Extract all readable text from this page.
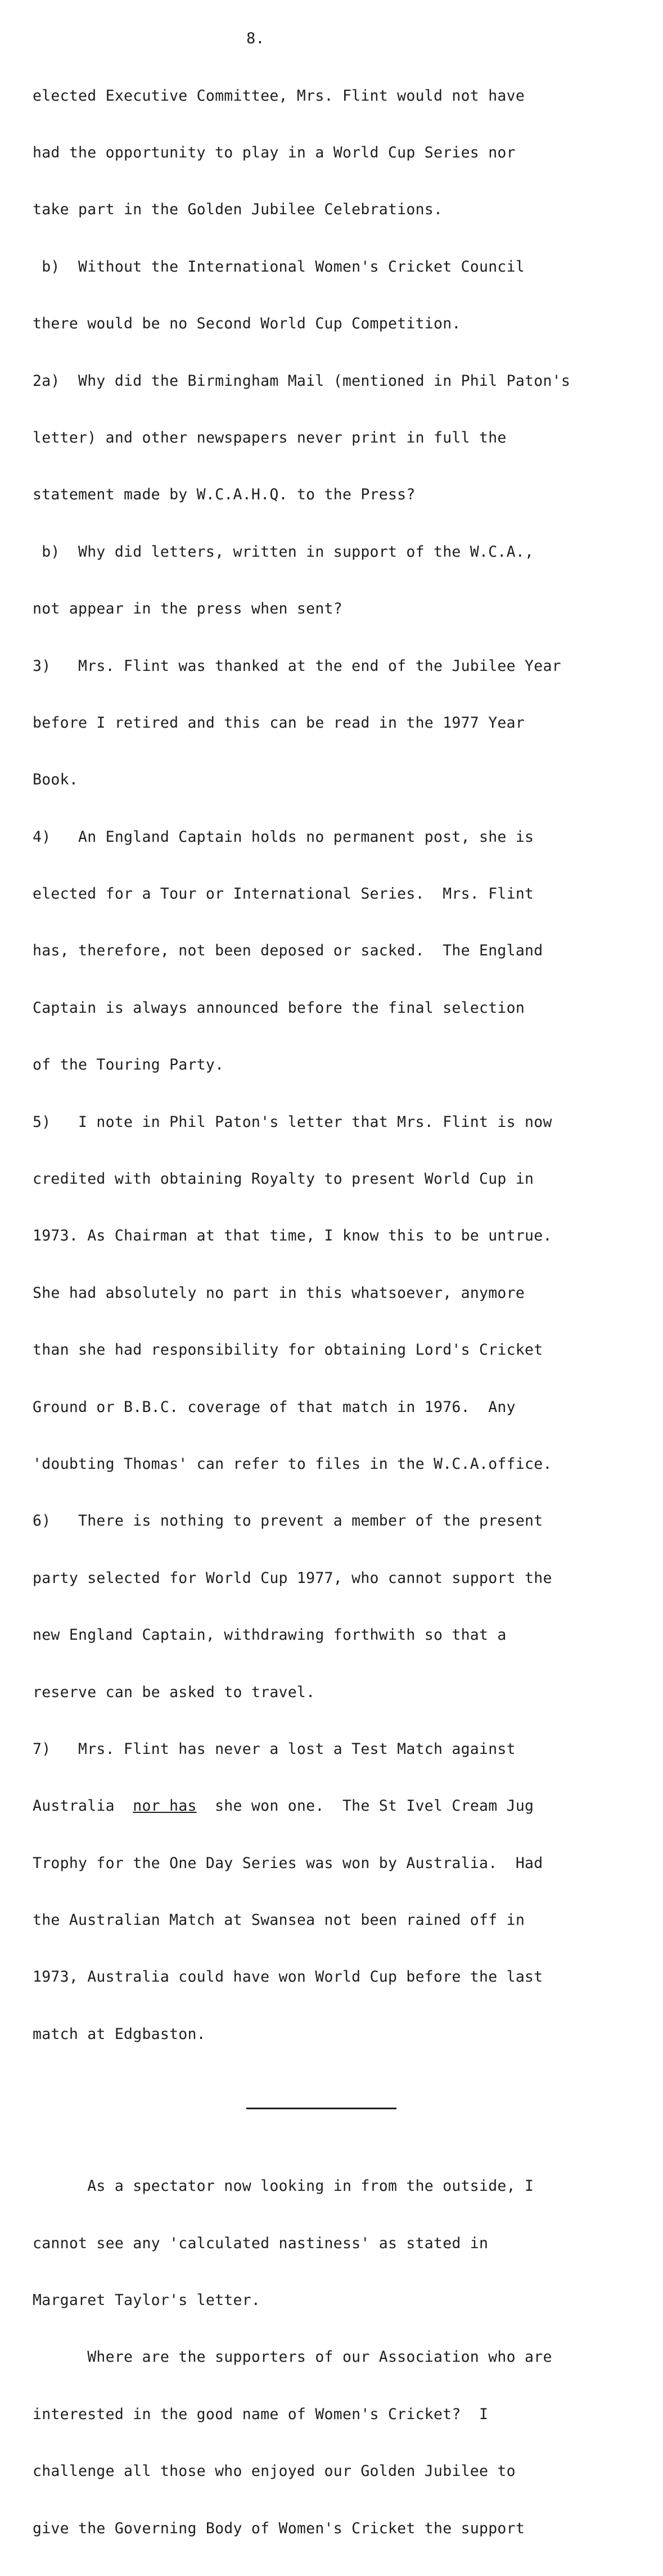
8.

elected Executive Committee, Mrs. Flint would not have

had the opportunity to play in a World Cup Series nor

take part in the Golden Jubilee Celebrations.

b)  Without the International Women's Cricket Council

there would be no Second World Cup Competition.

2a)  Why did the Birmingham Mail (mentioned in Phil Paton's

letter) and other newspapers never print in full the

statement made by W.C.A.H.Q. to the Press?

b)  Why did letters, written in support of the W.C.A.,

not appear in the press when sent?

3)   Mrs. Flint was thanked at the end of the Jubilee Year

before I retired and this can be read in the 1977 Year

Book.

4)   An England Captain holds no permanent post, she is

elected for a Tour or International Series.  Mrs. Flint

has, therefore, not been deposed or sacked.  The England

Captain is always announced before the final selection

of the Touring Party.

5)   I note in Phil Paton's letter that Mrs. Flint is now

credited with obtaining Royalty to present World Cup in

1973. As Chairman at that time, I know this to be untrue.

She had absolutely no part in this whatsoever, anymore

than she had responsibility for obtaining Lord's Cricket

Ground or B.B.C. coverage of that match in 1976.  Any

'doubting Thomas' can refer to files in the W.C.A.office.

6)   There is nothing to prevent a member of the present

party selected for World Cup 1977, who cannot support the

new England Captain, withdrawing forthwith so that a

reserve can be asked to travel.

7)   Mrs. Flint has never a lost a Test Match against

Australia  nor has  she won one.  The St Ivel Cream Jug

Trophy for the One Day Series was won by Australia.  Had

the Australian Match at Swansea not been rained off in

1973, Australia could have won World Cup before the last

match at Edgbaston.

As a spectator now looking in from the outside, I

cannot see any 'calculated nastiness' as stated in

Margaret Taylor's letter.

Where are the supporters of our Association who are

interested in the good name of Women's Cricket?  I

challenge all those who enjoyed our Golden Jubilee to

give the Governing Body of Women's Cricket the support
